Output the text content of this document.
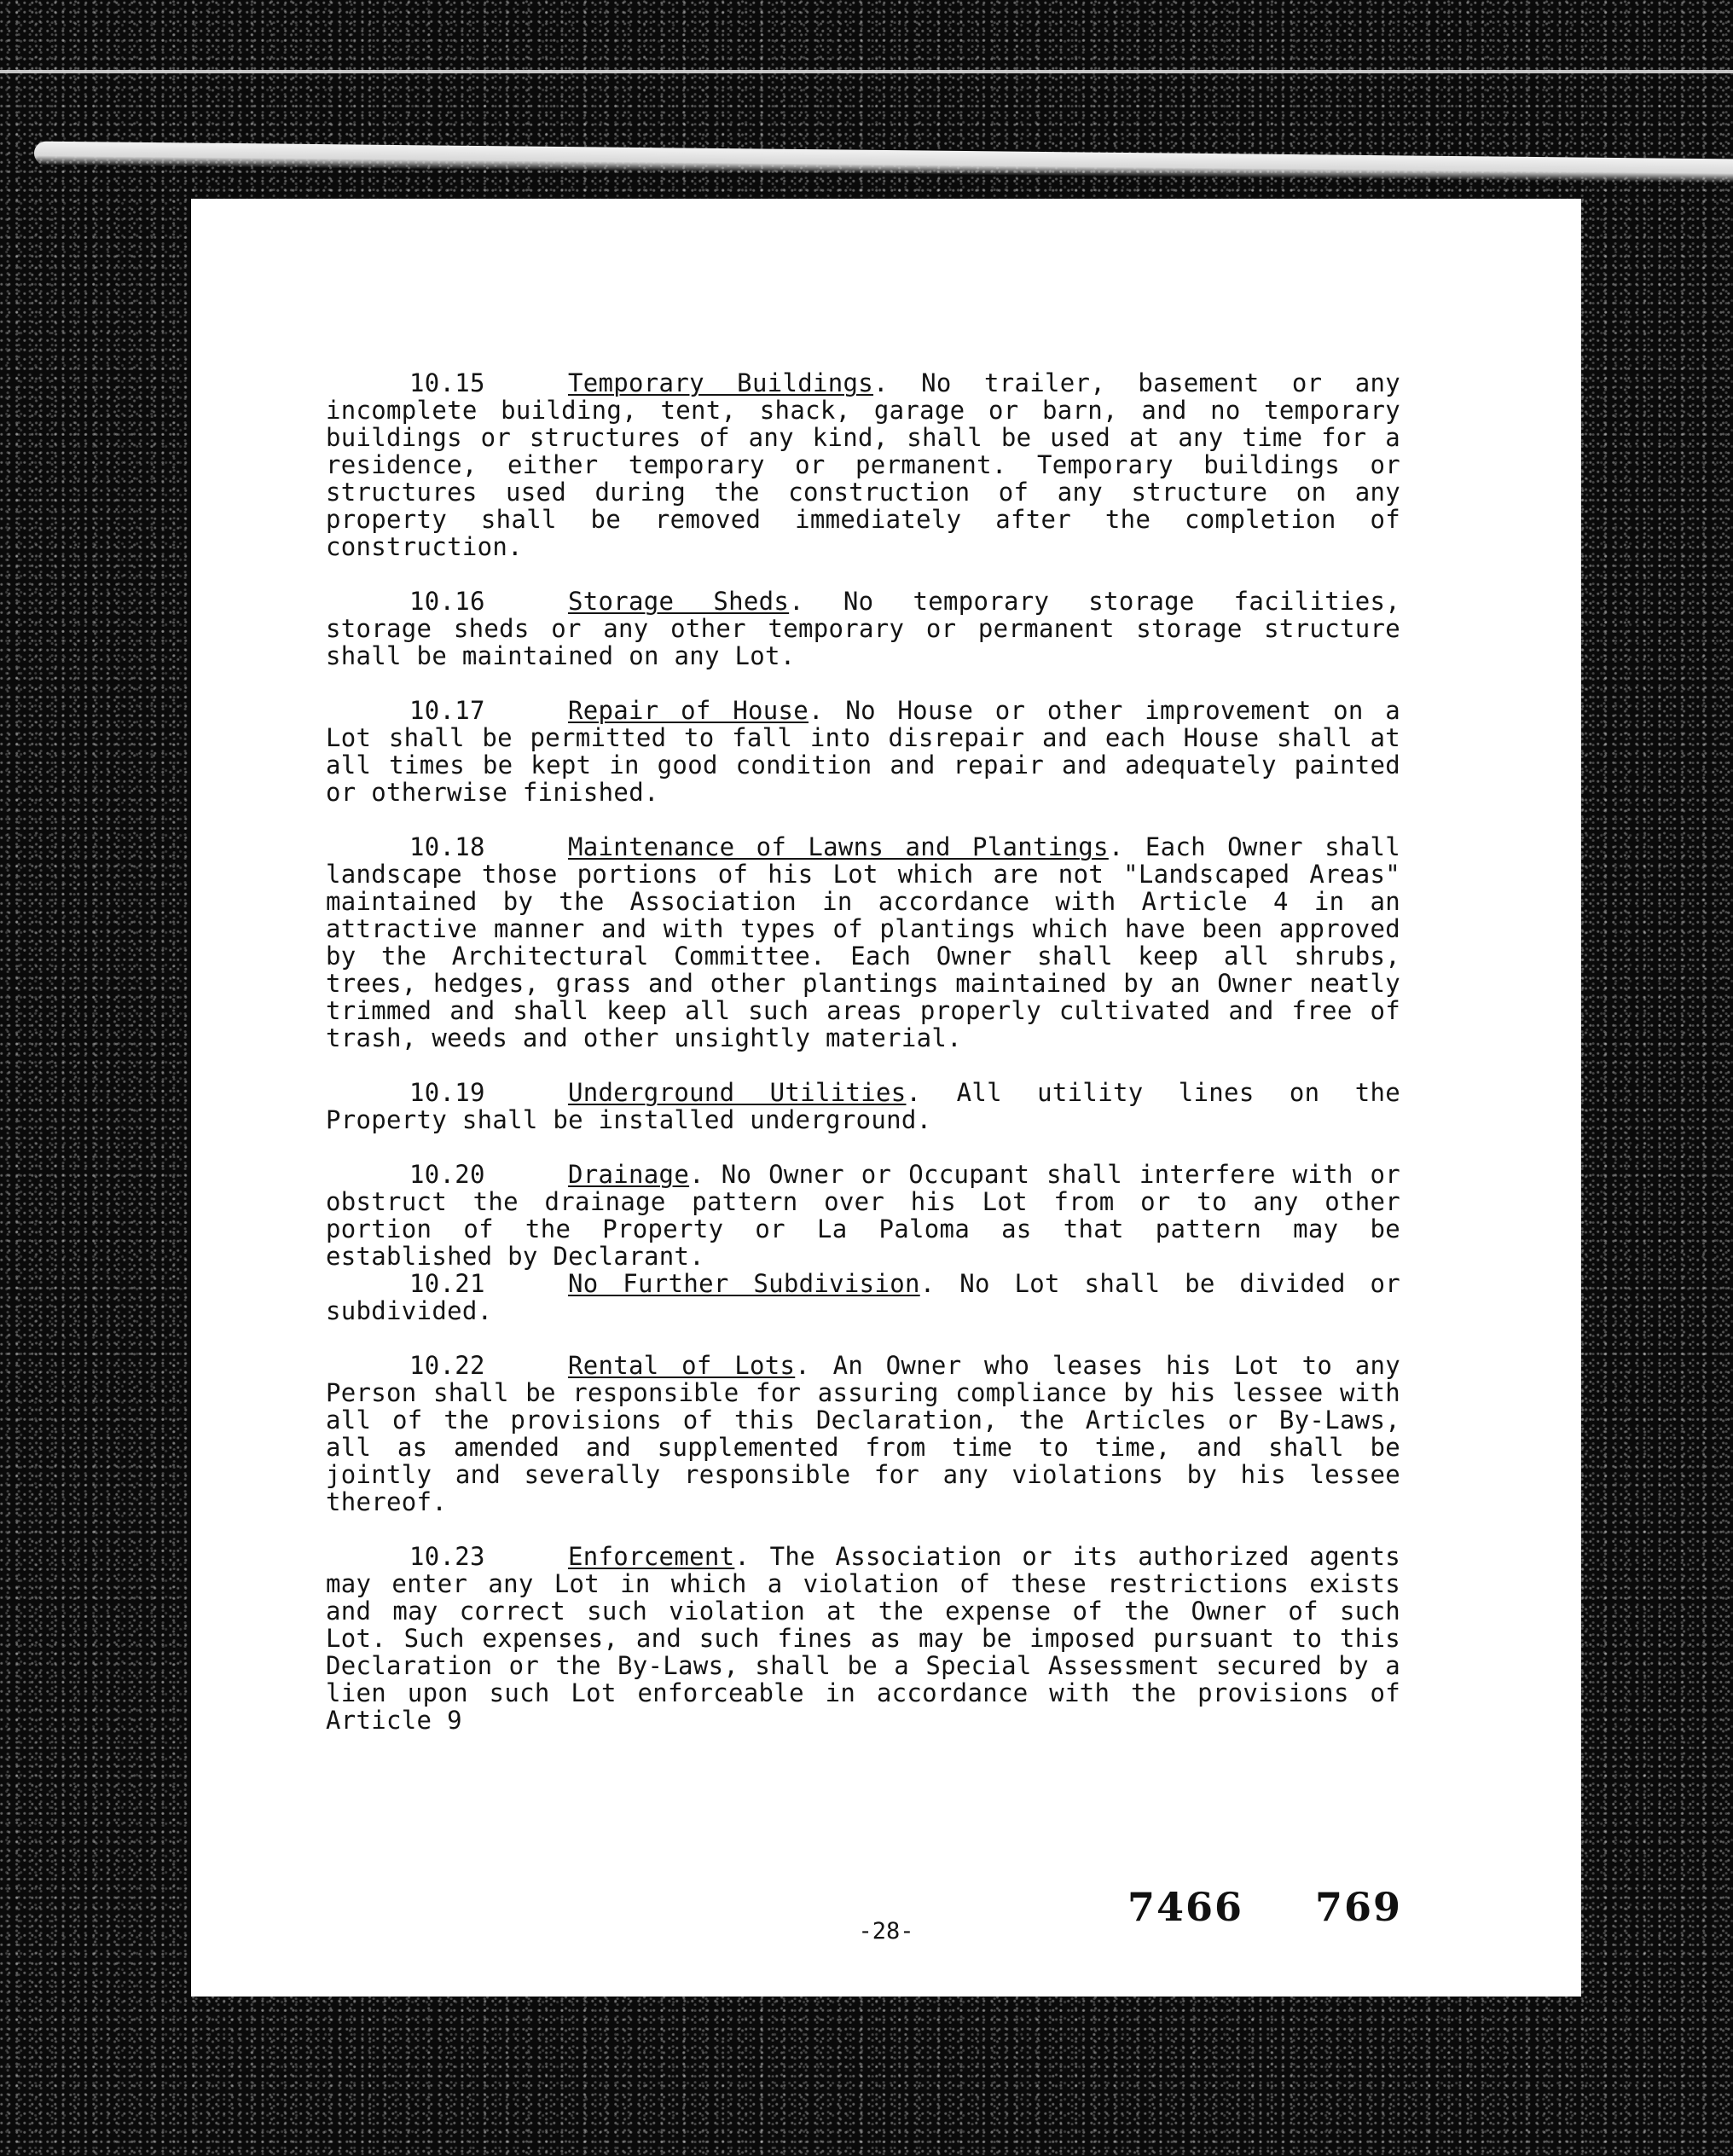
10.15	Temporary Buildings. No trailer, basement or any incomplete building, tent, shack, garage or barn, and no temporary buildings or structures of any kind, shall be used at any time for a residence, either temporary or permanent. Temporary buildings or structures used during the construction of any structure on any property shall be removed immediately after the completion of construction.

10.16	Storage Sheds. No temporary storage facilities, storage sheds or any other temporary or permanent storage structure shall be maintained on any Lot.

10.17	Repair of House. No House or other improvement on a Lot shall be permitted to fall into disrepair and each House shall at all times be kept in good condition and repair and adequately painted or otherwise finished.

10.18	Maintenance of Lawns and Plantings. Each Owner shall landscape those portions of his Lot which are not "Landscaped Areas" maintained by the Association in accordance with Article 4 in an attractive manner and with types of plantings which have been approved by the Architectural Committee. Each Owner shall keep all shrubs, trees, hedges, grass and other plantings maintained by an Owner neatly trimmed and shall keep all such areas properly cultivated and free of trash, weeds and other unsightly material.

10.19	Underground Utilities. All utility lines on the Property shall be installed underground.

10.20	Drainage. No Owner or Occupant shall interfere with or obstruct the drainage pattern over his Lot from or to any other portion of the Property or La Paloma as that pattern may be established by Declarant.

10.21	No Further Subdivision. No Lot shall be divided or subdivided.

10.22	Rental of Lots. An Owner who leases his Lot to any Person shall be responsible for assuring compliance by his lessee with all of the provisions of this Declaration, the Articles or By-Laws, all as amended and supplemented from time to time, and shall be jointly and severally responsible for any violations by his lessee thereof.

10.23	Enforcement. The Association or its authorized agents may enter any Lot in which a violation of these restrictions exists and may correct such violation at the expense of the Owner of such Lot. Such expenses, and such fines as may be imposed pursuant to this Declaration or the By-Laws, shall be a Special Assessment secured by a lien upon such Lot enforceable in accordance with the provisions of Article 9

7466 769
-28-
